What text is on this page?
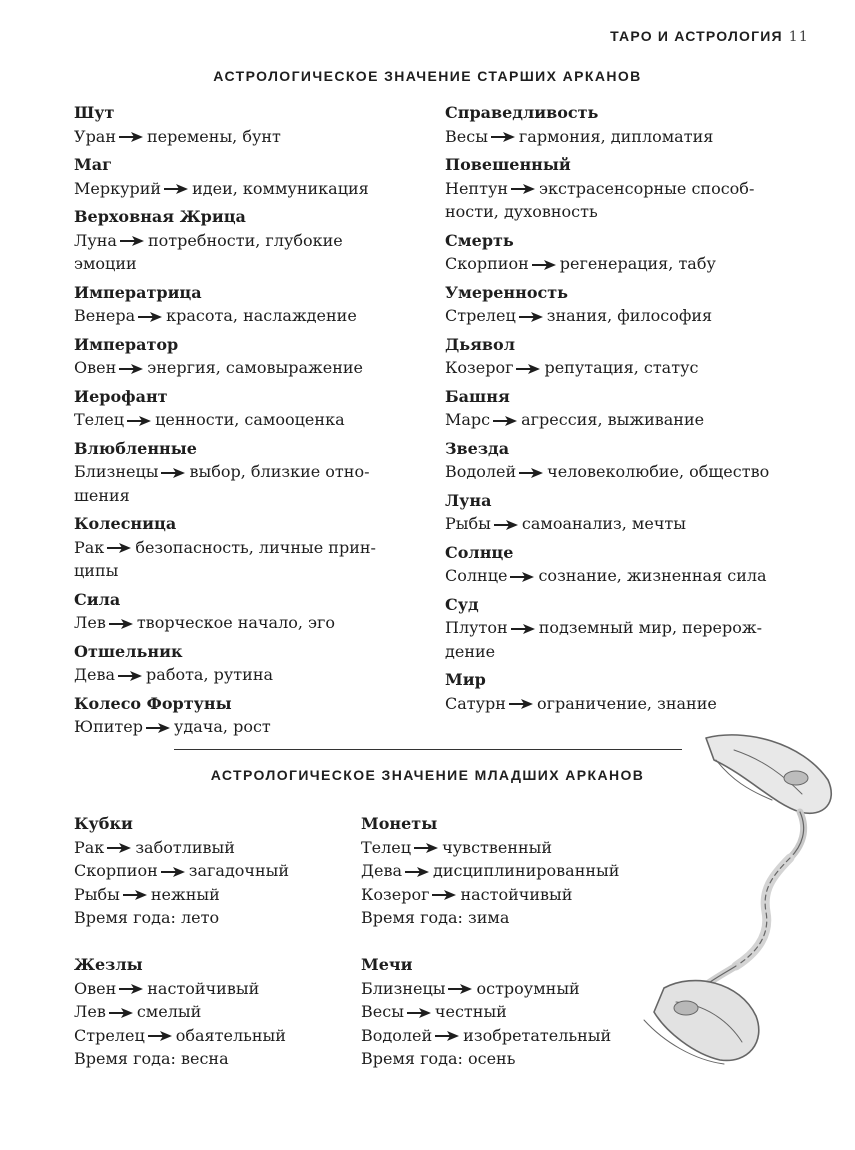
ТАРО И АСТРОЛОГИЯ 11
АСТРОЛОГИЧЕСКОЕ ЗНАЧЕНИЕ СТАРШИХ АРКАНОВ
Шут
Уран перемены, бунт
Маг
Меркурий идеи, коммуникация
Верховная Жрица
Луна потребности, глубокие
эмоции
Императрица
Венера красота, наслаждение
Император
Овен энергия, самовыражение
Иерофант
Телец ценности, самооценка
Влюбленные
Близнецы выбор, близкие отно-
шения
Колесница
Рак безопасность, личные прин-
ципы
Сила
Лев творческое начало, эго
Отшельник
Дева работа, рутина
Колесо Фортуны
Юпитер удача, рост
Справедливость
Весы гармония, дипломатия
Повешенный
Нептун экстрасенсорные способ-
ности, духовность
Смерть
Скорпион регенерация, табу
Умеренность
Стрелец знания, философия
Дьявол
Козерог репутация, статус
Башня
Марс агрессия, выживание
Звезда
Водолей человеколюбие, общество
Луна
Рыбы самоанализ, мечты
Солнце
Солнце сознание, жизненная сила
Суд
Плутон подземный мир, перерож-
дение
Мир
Сатурн ограничение, знание
АСТРОЛОГИЧЕСКОЕ ЗНАЧЕНИЕ МЛАДШИХ АРКАНОВ
Кубки
Рак заботливый
Скорпион загадочный
Рыбы нежный
Время года: лето
Жезлы
Овен настойчивый
Лев смелый
Стрелец обаятельный
Время года: весна
Монеты
Телец чувственный
Дева дисциплинированный
Козерог настойчивый
Время года: зима
Мечи
Близнецы остроумный
Весы честный
Водолей изобретательный
Время года: осень
